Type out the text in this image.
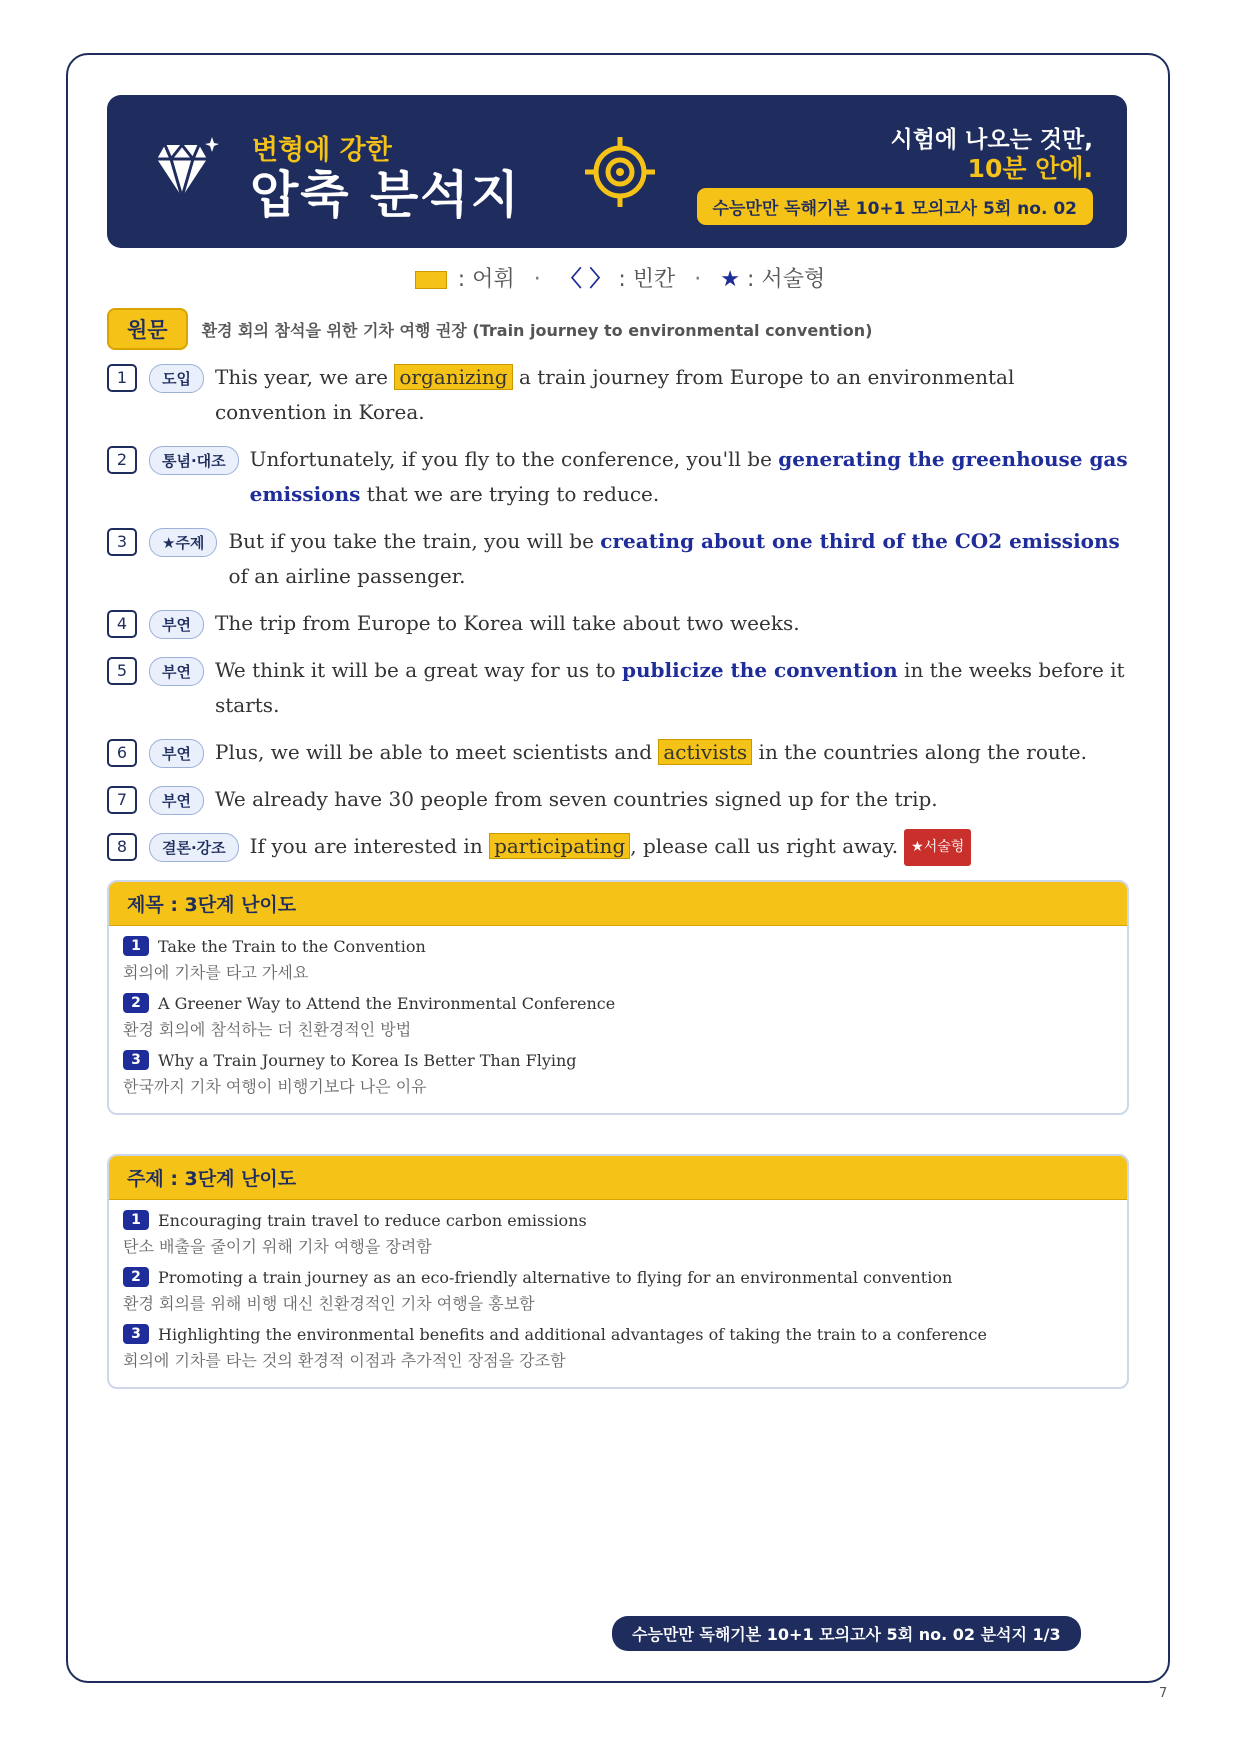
변형에 강한
압축 분석지
시험에 나오는 것만,
10분 안에.
수능만만 독해기본 10+1 모의고사 5회 no. 02
: 어휘 · 〈 〉 : 빈칸 · ★ : 서술형
원문	환경 회의 참석을 위한 기차 여행 권장 (Train journey to environmental convention)
1	도입	This year, we are organizing a train journey from Europe to an environmental convention in Korea.
2	통념·대조	Unfortunately, if you fly to the conference, you'll be generating the greenhouse gas emissions that we are trying to reduce.
3	★주제	But if you take the train, you will be creating about one third of the CO2 emissions of an airline passenger.
4	부연	The trip from Europe to Korea will take about two weeks.
5	부연	We think it will be a great way for us to publicize the convention in the weeks before it starts.
6	부연	Plus, we will be able to meet scientists and activists in the countries along the route.
7	부연	We already have 30 people from seven countries signed up for the trip.
8	결론·강조	If you are interested in participating , please call us right away. ★서술형
제목 : 3단계 난이도
1	Take the Train to the Convention
회의에 기차를 타고 가세요
2	A Greener Way to Attend the Environmental Conference
환경 회의에 참석하는 더 친환경적인 방법
3	Why a Train Journey to Korea Is Better Than Flying
한국까지 기차 여행이 비행기보다 나은 이유
주제 : 3단계 난이도
1	Encouraging train travel to reduce carbon emissions
탄소 배출을 줄이기 위해 기차 여행을 장려함
2	Promoting a train journey as an eco-friendly alternative to flying for an environmental convention
환경 회의를 위해 비행 대신 친환경적인 기차 여행을 홍보함
3	Highlighting the environmental benefits and additional advantages of taking the train to a conference
회의에 기차를 타는 것의 환경적 이점과 추가적인 장점을 강조함
수능만만 독해기본 10+1 모의고사 5회 no. 02 분석지 1/3
7
